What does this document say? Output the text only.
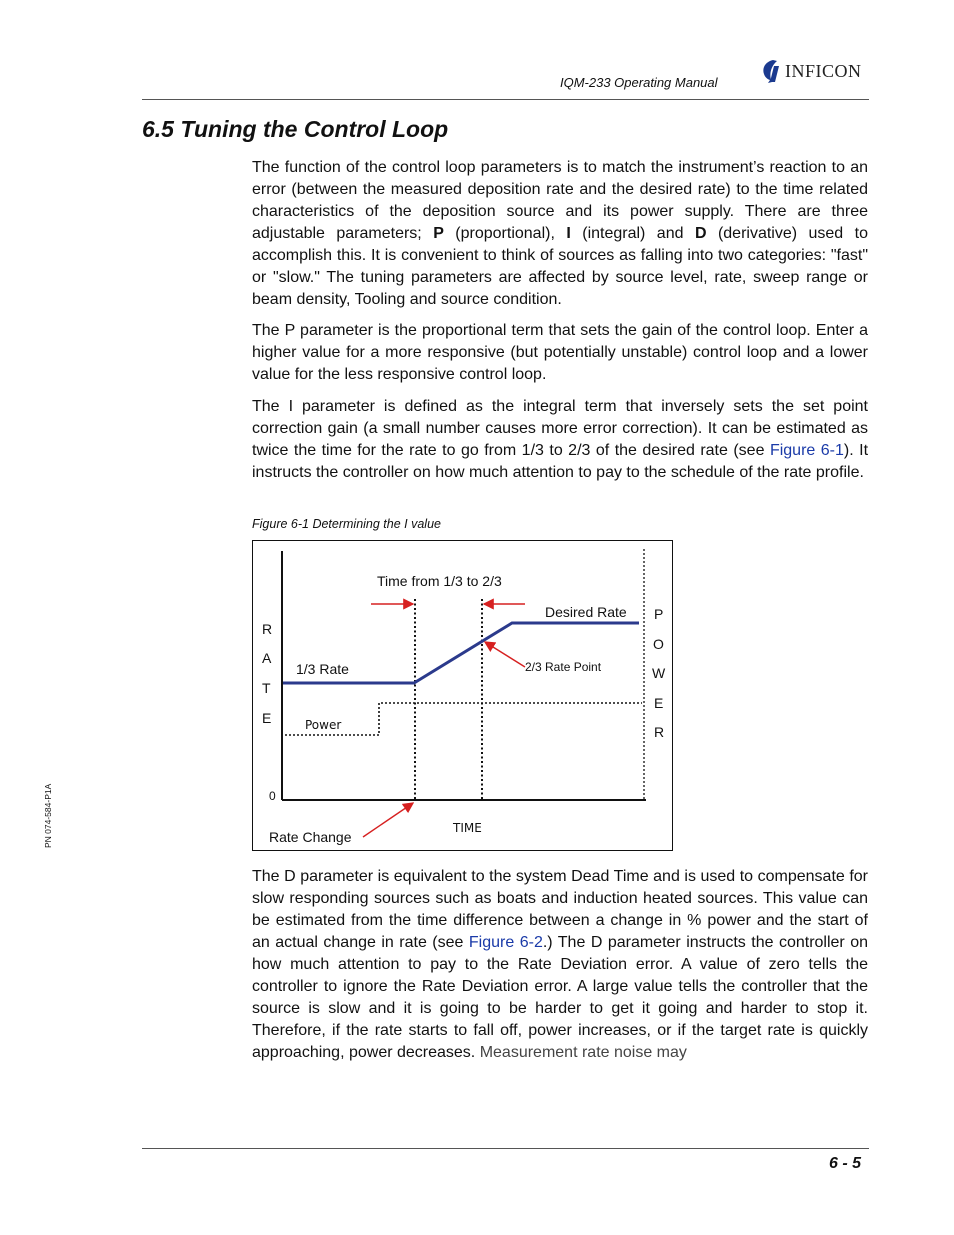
IQM-233 Operating Manual
INFICON
6.5 Tuning the Control Loop

The function of the control loop parameters is to match the instrument’s reaction to an error (between the measured deposition rate and the desired rate) to the time related characteristics of the deposition source and its power supply. There are three adjustable parameters; P (proportional), I (integral) and D (derivative) used to accomplish this. It is convenient to think of sources as falling into two categories: "fast" or "slow." The tuning parameters are affected by source level, rate, sweep range or beam density, Tooling and source condition.

The P parameter is the proportional term that sets the gain of the control loop. Enter a higher value for a more responsive (but potentially unstable) control loop and a lower value for the less responsive control loop.

The I parameter is defined as the integral term that inversely sets the set point correction gain (a small number causes more error correction). It can be estimated as twice the time for the rate to go from 1/3 to 2/3 of the desired rate (see Figure 6-1). It instructs the controller on how much attention to pay to the schedule of the rate profile.

Figure 6-1 Determining the I value
Time from 1/3 to 2/3
Desired Rate
1/3 Rate	2/3 Rate Point
Power
0
Rate Change
TIME
R
A
T
E
P
O
W
E
R

The D parameter is equivalent to the system Dead Time and is used to compensate for slow responding sources such as boats and induction heated sources. This value can be estimated from the time difference between a change in % power and the start of an actual change in rate (see Figure 6-2.) The D parameter instructs the controller on how much attention to pay to the Rate Deviation error. A value of zero tells the controller to ignore the Rate Deviation error. A large value tells the controller that the source is slow and it is going to be harder to get it going and harder to stop it. Therefore, if the rate starts to fall off, power increases, or if the target rate is quickly approaching, power decreases. Measurement rate noise may

PN 074-584-P1A
6 - 5
